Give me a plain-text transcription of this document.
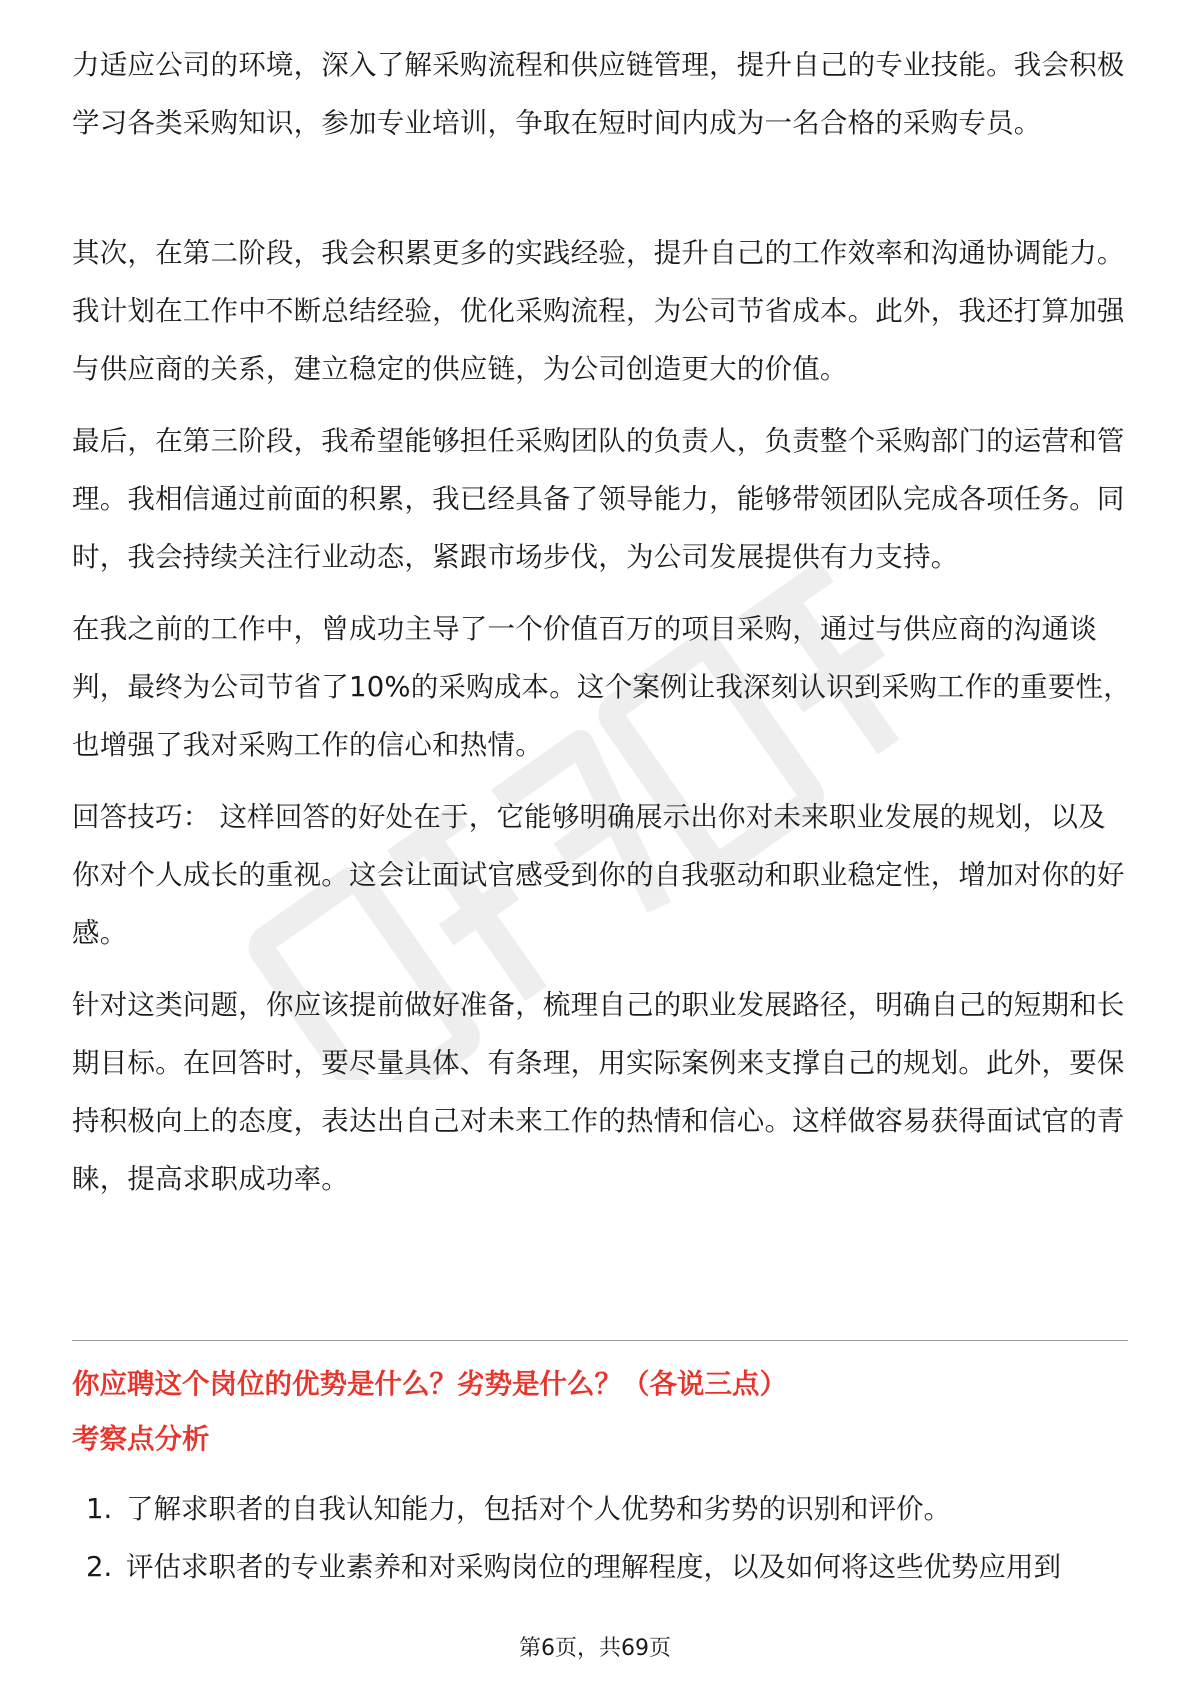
力适应公司的环境，深入了解采购流程和供应链管理，提升自己的专业技能。我会积极学习各类采购知识，参加专业培训，争取在短时间内成为一名合格的采购专员。

其次，在第二阶段，我会积累更多的实践经验，提升自己的工作效率和沟通协调能力。我计划在工作中不断总结经验，优化采购流程，为公司节省成本。此外，我还打算加强与供应商的关系，建立稳定的供应链，为公司创造更大的价值。

最后，在第三阶段，我希望能够担任采购团队的负责人，负责整个采购部门的运营和管理。我相信通过前面的积累，我已经具备了领导能力，能够带领团队完成各项任务。同时，我会持续关注行业动态，紧跟市场步伐，为公司发展提供有力支持。

在我之前的工作中，曾成功主导了一个价值百万的项目采购，通过与供应商的沟通谈判，最终为公司节省了10%的采购成本。这个案例让我深刻认识到采购工作的重要性，也增强了我对采购工作的信心和热情。

回答技巧： 这样回答的好处在于，它能够明确展示出你对未来职业发展的规划，以及你对个人成长的重视。这会让面试官感受到你的自我驱动和职业稳定性，增加对你的好感。

针对这类问题，你应该提前做好准备，梳理自己的职业发展路径，明确自己的短期和长期目标。在回答时，要尽量具体、有条理，用实际案例来支撑自己的规划。此外，要保持积极向上的态度，表达出自己对未来工作的热情和信心。这样做容易获得面试官的青睐，提高求职成功率。

你应聘这个岗位的优势是什么？劣势是什么？（各说三点）
考察点分析
1. 了解求职者的自我认知能力，包括对个人优势和劣势的识别和评价。
2. 评估求职者的专业素养和对采购岗位的理解程度，以及如何将这些优势应用到
第6页，共69页
